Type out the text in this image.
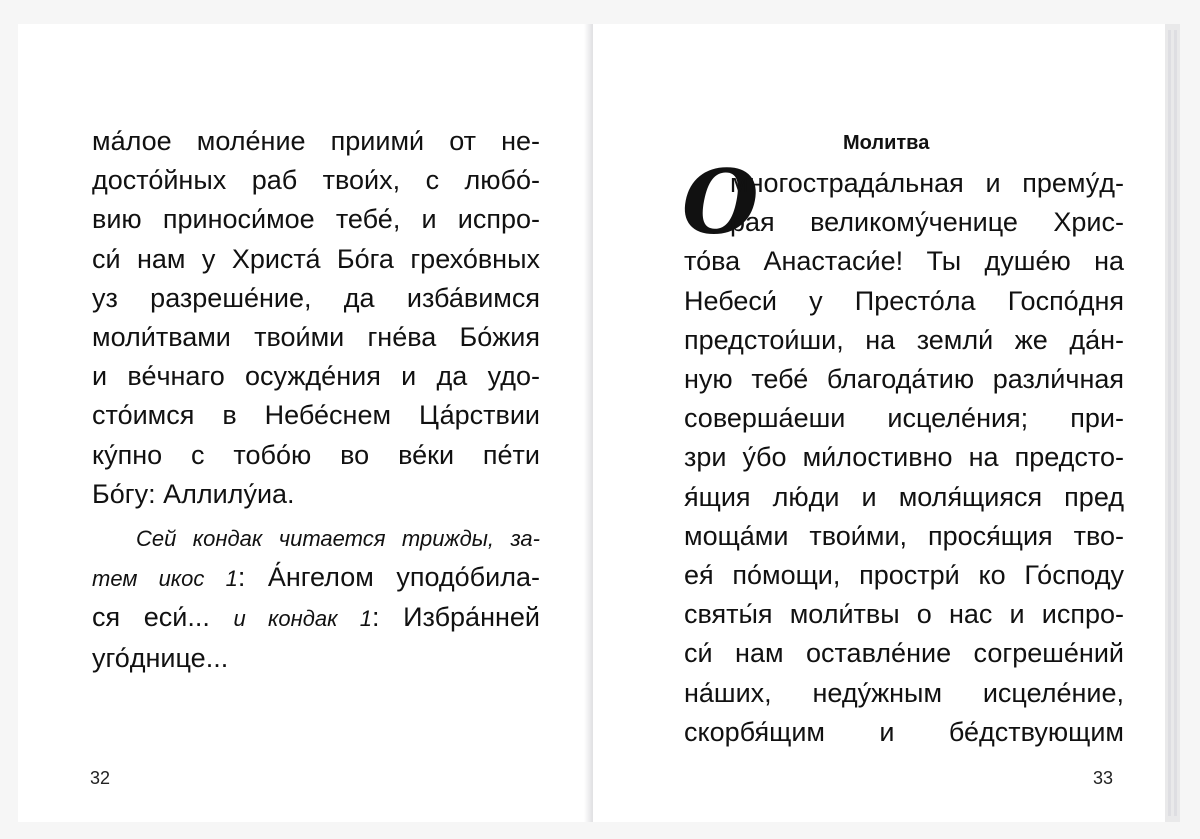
ма́лое моле́ние приими́ от не-
досто́йных раб твои́х, с любо́-
вию приноси́мое тебе́, и испро-
си́ нам у Христа́ Бо́га грехо́вных
уз разреше́ние, да изба́вимся
моли́твами твои́ми гне́ва Бо́жия
и ве́чнаго осужде́ния и да удо-
сто́имся в Небе́снем Ца́рствии
ку́пно с тобо́ю во ве́ки пе́ти
Бо́гу: Аллилу́иа.
Сей кондак читается трижды, за-
тем икос 1: А́нгелом уподо́била-
ся еси́... и кондак 1: Избра́нней
уго́днице...
32
Молитва
О
многострада́льная и прему́д-
рая великому́ченице Хрис-
то́ва Анастаси́е! Ты душе́ю на
Небеси́ у Престо́ла Госпо́дня
предстои́ши, на земли́ же да́н-
ную тебе́ благода́тию разли́чная
соверша́еши исцеле́ния; при-
зри у́бо ми́лостивно на предсто-
я́щия лю́ди и моля́щияся пред
моща́ми твои́ми, прося́щия тво-
ея́ по́мощи, простри́ ко Го́споду
святы́я моли́твы о нас и испро-
си́ нам оставле́ние согреше́ний
на́ших, неду́жным исцеле́ние,
скорбя́щим и бе́дствующим
33
